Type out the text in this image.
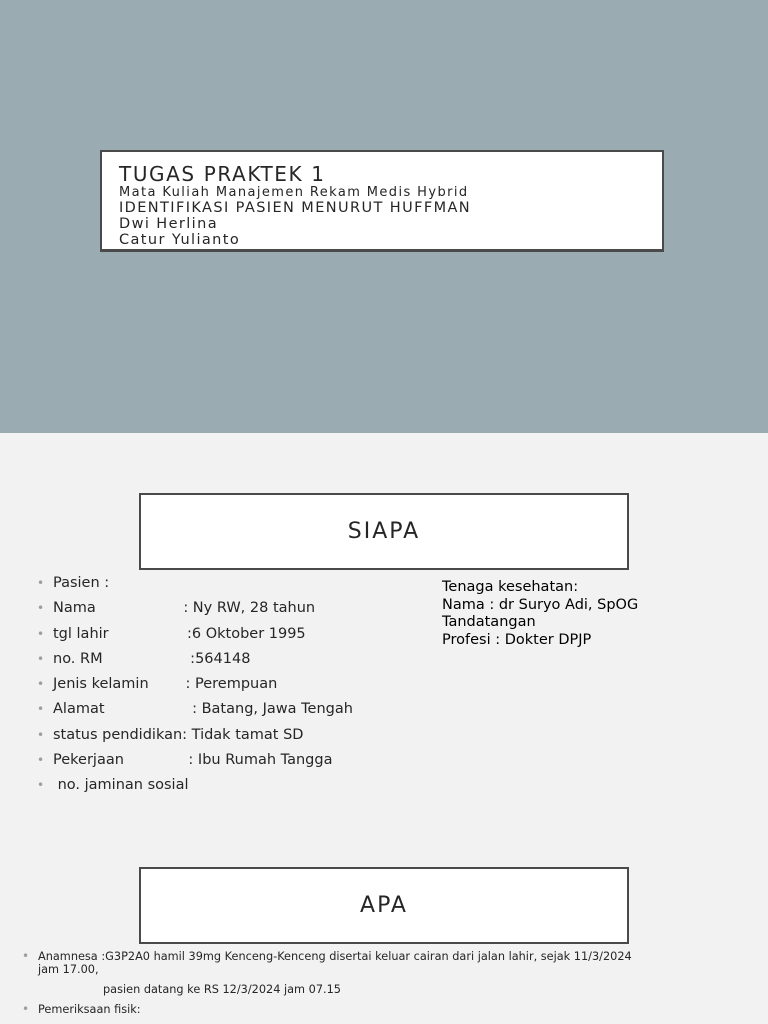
TUGAS PRAKTEK 1
Mata Kuliah Manajemen Rekam Medis Hybrid
IDENTIFIKASI PASIEN MENURUT HUFFMAN
Dwi Herlina
Catur Yulianto
SIAPA
• Pasien :
• Nama                   : Ny RW, 28 tahun
• tgl lahir                 :6 Oktober 1995
• no. RM                   :564148
• Jenis kelamin        : Perempuan
• Alamat                   : Batang, Jawa Tengah
• status pendidikan: Tidak tamat SD
• Pekerjaan              : Ibu Rumah Tangga
• no. jaminan sosial
Tenaga kesehatan:
Nama : dr Suryo Adi, SpOG
Tandatangan
Profesi : Dokter DPJP
APA
• Anamnesa :G3P2A0 hamil 39mg Kenceng-Kenceng disertai keluar cairan dari jalan lahir, sejak 11/3/2024 jam 17.00,
pasien datang ke RS 12/3/2024 jam 07.15
• Pemeriksaan fisik:
